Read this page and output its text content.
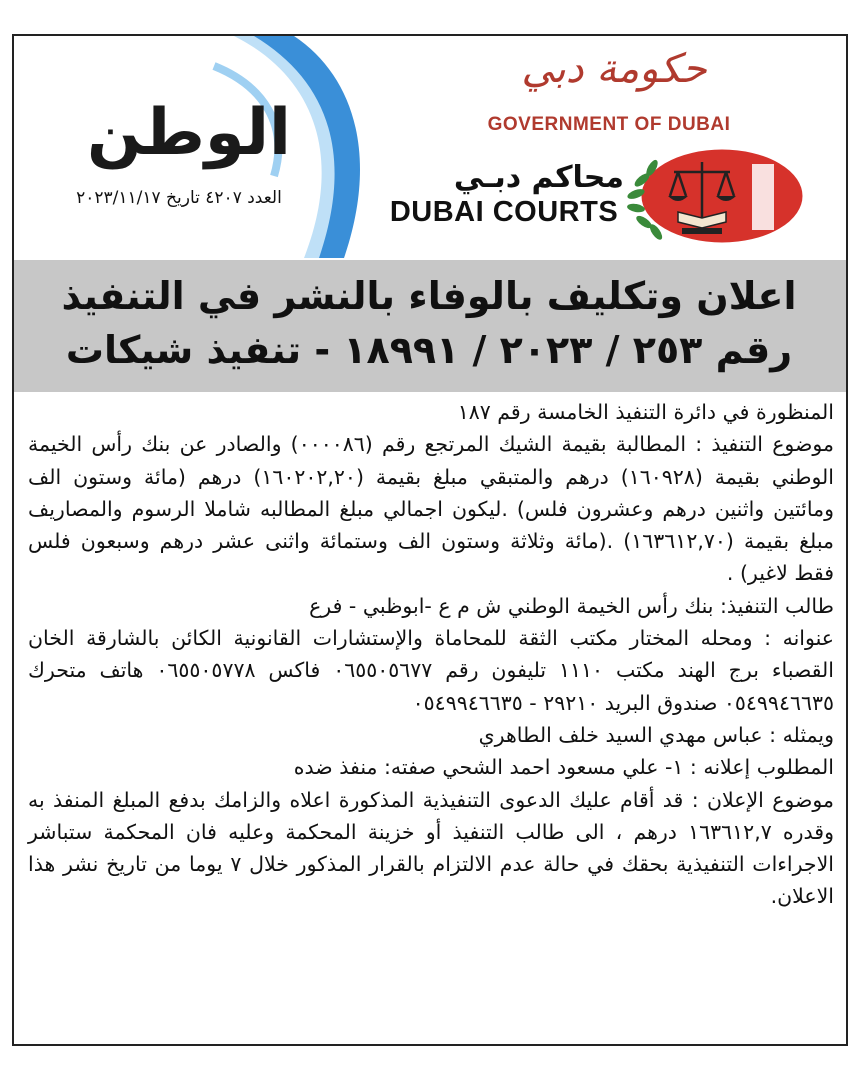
الوطن
العدد ٤٢٠٧ تاريخ ٢٠٢٣/١١/١٧
حكومة دبي
GOVERNMENT OF DUBAI
محاكم دبـي
DUBAI COURTS
اعلان وتكليف بالوفاء بالنشر في التنفيذ
رقم ٢٥٣ / ٢٠٢٣ / ١٨٩٩١ - تنفيذ شيكات

المنظورة في دائرة التنفيذ الخامسة رقم ١٨٧

موضوع التنفيذ : المطالبة بقيمة الشيك المرتجع رقم (٠٠٠٠٨٦) والصادر عن بنك رأس الخيمة الوطني بقيمة (١٦٠٩٢٨) درهم والمتبقي مبلغ بقيمة (١٦٠٢٠٢,٢٠) درهم (مائة وستون الف ومائتين واثنين درهم وعشرون فلس) .ليكون اجمالي مبلغ المطالبه شاملا الرسوم والمصاريف مبلغ بقيمة (١٦٣٦١٢,٧٠) .(مائة وثلاثة وستون الف وستمائة واثنى عشر درهم وسبعون فلس فقط لاغير) .

طالب التنفيذ: بنك رأس الخيمة الوطني ش م ع -ابوظبي - فرع

عنوانه : ومحله المختار مكتب الثقة للمحاماة والإستشارات القانونية الكائن بالشارقة الخان القصباء برج الهند مكتب ١١١٠ تليفون رقم ٠٦٥٥٠٥٦٧٧ فاكس ٠٦٥٥٠٥٧٧٨ هاتف متحرك ٠٥٤٩٩٤٦٦٣٥ صندوق البريد ٢٩٢١٠ - ٠٥٤٩٩٤٦٦٣٥

ويمثله : عباس مهدي السيد خلف الطاهري

المطلوب إعلانه : ١- علي مسعود احمد الشحي صفته: منفذ ضده

موضوع الإعلان : قد أقام عليك الدعوى التنفيذية المذكورة اعلاه والزامك بدفع المبلغ المنفذ به وقدره ١٦٣٦١٢,٧ درهم ، الى طالب التنفيذ أو خزينة المحكمة وعليه فان المحكمة ستباشر الاجراءات التنفيذية بحقك في حالة عدم الالتزام بالقرار المذكور خلال ٧ يوما من تاريخ نشر هذا الاعلان.
